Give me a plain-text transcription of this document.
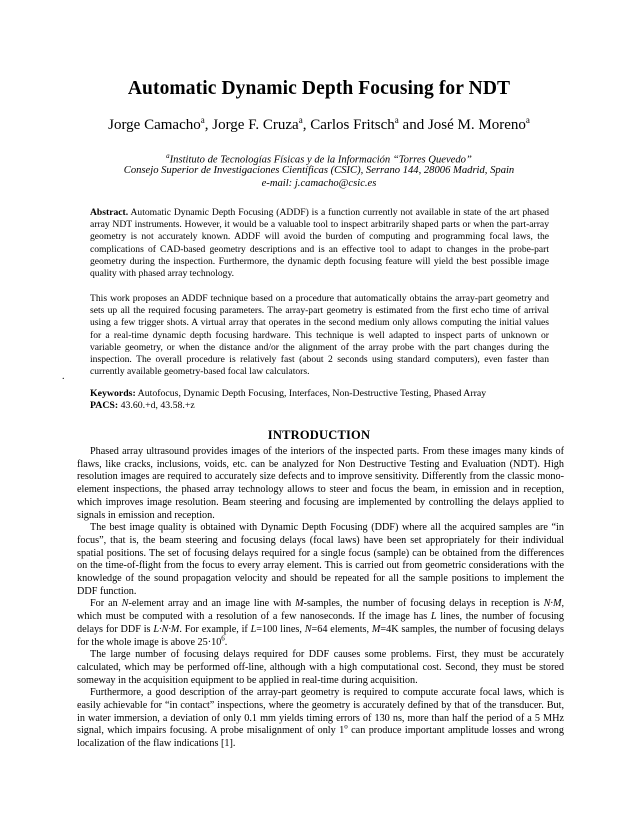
Automatic Dynamic Depth Focusing for NDT
Jorge Camacho$^a$, Jorge F. Cruza$^a$, Carlos Fritsch$^a$ and José M. Moreno$^a$
$^a$Instituto de Tecnologías Físicas y de la Información “Torres Quevedo”
Consejo Superior de Investigaciones Científicas (CSIC), Serrano 144, 28006 Madrid, Spain
e-mail: j.camacho@csic.es
Abstract. Automatic Dynamic Depth Focusing (ADDF) is a function currently not available in state of the art phased array NDT instruments. However, it would be a valuable tool to inspect arbitrarily shaped parts or when the part-array geometry is not accurately known. ADDF will avoid the burden of computing and programming focal laws, the complications of CAD-based geometry descriptions and is an effective tool to adapt to changes in the probe-part geometry during the inspection. Furthermore, the dynamic depth focusing feature will yield the best possible image quality with phased array technology.
This work proposes an ADDF technique based on a procedure that automatically obtains the array-part geometry and sets up all the required focusing parameters. The array-part geometry is estimated from the first echo time of arrival using a few trigger shots. A virtual array that operates in the second medium only allows computing the initial values for a real-time dynamic depth focusing hardware. This technique is well adapted to inspect parts of unknown or variable geometry, or when the distance and/or the alignment of the array probe with the part changes during the inspection. The overall procedure is relatively fast (about 2 seconds using standard computers), even faster than currently available geometry-based focal law calculators.
.
Keywords: Autofocus, Dynamic Depth Focusing, Interfaces, Non-Destructive Testing, Phased Array
PACS: 43.60.+d, 43.58.+z
INTRODUCTION

Phased array ultrasound provides images of the interiors of the inspected parts. From these images many kinds of flaws, like cracks, inclusions, voids, etc. can be analyzed for Non Destructive Testing and Evaluation (NDT). High resolution images are required to accurately size defects and to improve sensitivity. Differently from the classic mono-element inspections, the phased array technology allows to steer and focus the beam, in emission and in reception, which improves image resolution. Beam steering and focusing are implemented by controlling the delays applied to signals in emission and reception.

The best image quality is obtained with Dynamic Depth Focusing (DDF) where all the acquired samples are “in focus”, that is, the beam steering and focusing delays (focal laws) have been set appropriately for their individual spatial positions. The set of focusing delays required for a single focus (sample) can be obtained from the differences on the time-of-flight from the focus to every array element. This is carried out from geometric considerations with the knowledge of the sound propagation velocity and should be repeated for all the sample positions to implement the DDF function.

For an N-element array and an image line with M-samples, the number of focusing delays in reception is N·M, which must be computed with a resolution of a few nanoseconds. If the image has L lines, the number of focusing delays for DDF is L·N·M. For example, if L=100 lines, N=64 elements, M=4K samples, the number of focusing delays for the whole image is above $25\cdot 10^6$.

The large number of focusing delays required for DDF causes some problems. First, they must be accurately calculated, which may be performed off-line, although with a high computational cost. Second, they must be stored someway in the acquisition equipment to be applied in real-time during acquisition.

Furthermore, a good description of the array-part geometry is required to compute accurate focal laws, which is easily achievable for “in contact” inspections, where the geometry is accurately defined by that of the transducer. But, in water immersion, a deviation of only 0.1 mm yields timing errors of 130 ns, more than half the period of a 5 MHz signal, which impairs focusing. A probe misalignment of only 1$^o$ can produce important amplitude losses and wrong localization of the flaw indications [1].
